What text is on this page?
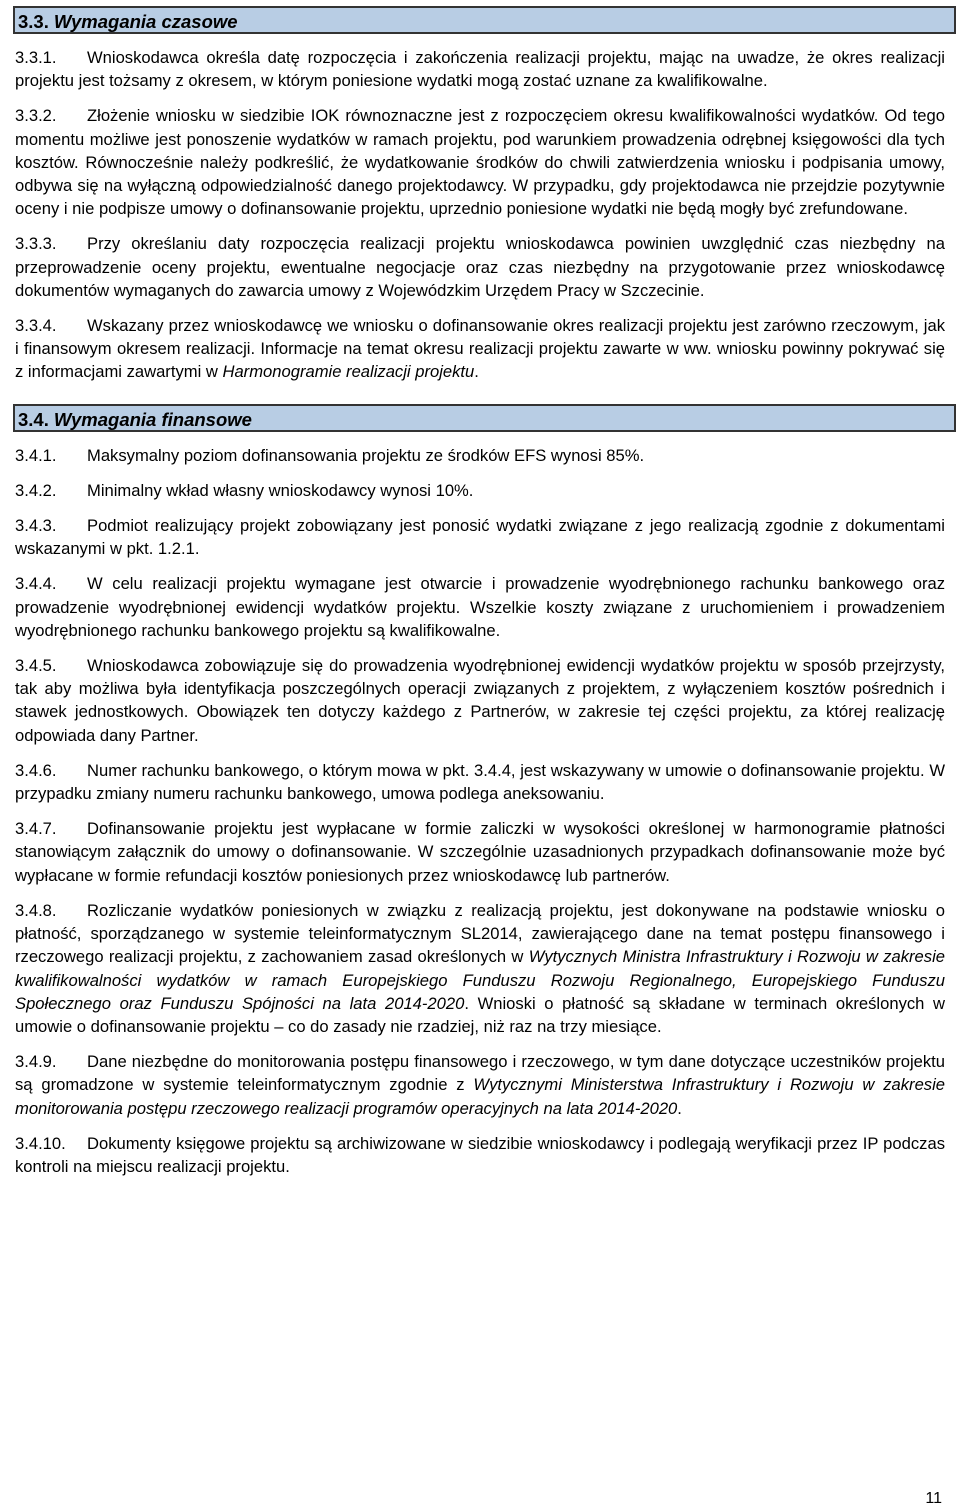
3.3. Wymagania czasowe

3.3.1. Wnioskodawca określa datę rozpoczęcia i zakończenia realizacji projektu, mając na uwadze, że okres realizacji projektu jest tożsamy z okresem, w którym poniesione wydatki mogą zostać uznane za kwalifikowalne.

3.3.2. Złożenie wniosku w siedzibie IOK równoznaczne jest z rozpoczęciem okresu kwalifikowalności wydatków. Od tego momentu możliwe jest ponoszenie wydatków w ramach projektu, pod warunkiem prowadzenia odrębnej księgowości dla tych kosztów. Równocześnie należy podkreślić, że wydatkowanie środków do chwili zatwierdzenia wniosku i podpisania umowy, odbywa się na wyłączną odpowiedzialność danego projektodawcy. W przypadku, gdy projektodawca nie przejdzie pozytywnie oceny i nie podpisze umowy o dofinansowanie projektu, uprzednio poniesione wydatki nie będą mogły być zrefundowane.

3.3.3. Przy określaniu daty rozpoczęcia realizacji projektu wnioskodawca powinien uwzględnić czas niezbędny na przeprowadzenie oceny projektu, ewentualne negocjacje oraz czas niezbędny na przygotowanie przez wnioskodawcę dokumentów wymaganych do zawarcia umowy z Wojewódzkim Urzędem Pracy w Szczecinie.

3.3.4. Wskazany przez wnioskodawcę we wniosku o dofinansowanie okres realizacji projektu jest zarówno rzeczowym, jak i finansowym okresem realizacji. Informacje na temat okresu realizacji projektu zawarte w ww. wniosku powinny pokrywać się z informacjami zawartymi w Harmonogramie realizacji projektu.

3.4. Wymagania finansowe

3.4.1. Maksymalny poziom dofinansowania projektu ze środków EFS wynosi 85%.

3.4.2. Minimalny wkład własny wnioskodawcy wynosi 10%.

3.4.3. Podmiot realizujący projekt zobowiązany jest ponosić wydatki związane z jego realizacją zgodnie z dokumentami wskazanymi w pkt. 1.2.1.

3.4.4. W celu realizacji projektu wymagane jest otwarcie i prowadzenie wyodrębnionego rachunku bankowego oraz prowadzenie wyodrębnionej ewidencji wydatków projektu. Wszelkie koszty związane z uruchomieniem i prowadzeniem wyodrębnionego rachunku bankowego projektu są kwalifikowalne.

3.4.5. Wnioskodawca zobowiązuje się do prowadzenia wyodrębnionej ewidencji wydatków projektu w sposób przejrzysty, tak aby możliwa była identyfikacja poszczególnych operacji związanych z projektem, z wyłączeniem kosztów pośrednich i stawek jednostkowych. Obowiązek ten dotyczy każdego z Partnerów, w zakresie tej części projektu, za której realizację odpowiada dany Partner.

3.4.6. Numer rachunku bankowego, o którym mowa w pkt. 3.4.4, jest wskazywany w umowie o dofinansowanie projektu. W przypadku zmiany numeru rachunku bankowego, umowa podlega aneksowaniu.

3.4.7. Dofinansowanie projektu jest wypłacane w formie zaliczki w wysokości określonej w harmonogramie płatności stanowiącym załącznik do umowy o dofinansowanie. W szczególnie uzasadnionych przypadkach dofinansowanie może być wypłacane w formie refundacji kosztów poniesionych przez wnioskodawcę lub partnerów.

3.4.8. Rozliczanie wydatków poniesionych w związku z realizacją projektu, jest dokonywane na podstawie wniosku o płatność, sporządzanego w systemie teleinformatycznym SL2014, zawierającego dane na temat postępu finansowego i rzeczowego realizacji projektu, z zachowaniem zasad określonych w Wytycznych Ministra Infrastruktury i Rozwoju w zakresie kwalifikowalności wydatków w ramach Europejskiego Funduszu Rozwoju Regionalnego, Europejskiego Funduszu Społecznego oraz Funduszu Spójności na lata 2014-2020. Wnioski o płatność są składane w terminach określonych w umowie o dofinansowanie projektu – co do zasady nie rzadziej, niż raz na trzy miesiące.

3.4.9. Dane niezbędne do monitorowania postępu finansowego i rzeczowego, w tym dane dotyczące uczestników projektu są gromadzone w systemie teleinformatycznym zgodnie z Wytycznymi Ministerstwa Infrastruktury i Rozwoju w zakresie monitorowania postępu rzeczowego realizacji programów operacyjnych na lata 2014-2020.

3.4.10. Dokumenty księgowe projektu są archiwizowane w siedzibie wnioskodawcy i podlegają weryfikacji przez IP podczas kontroli na miejscu realizacji projektu.

11
